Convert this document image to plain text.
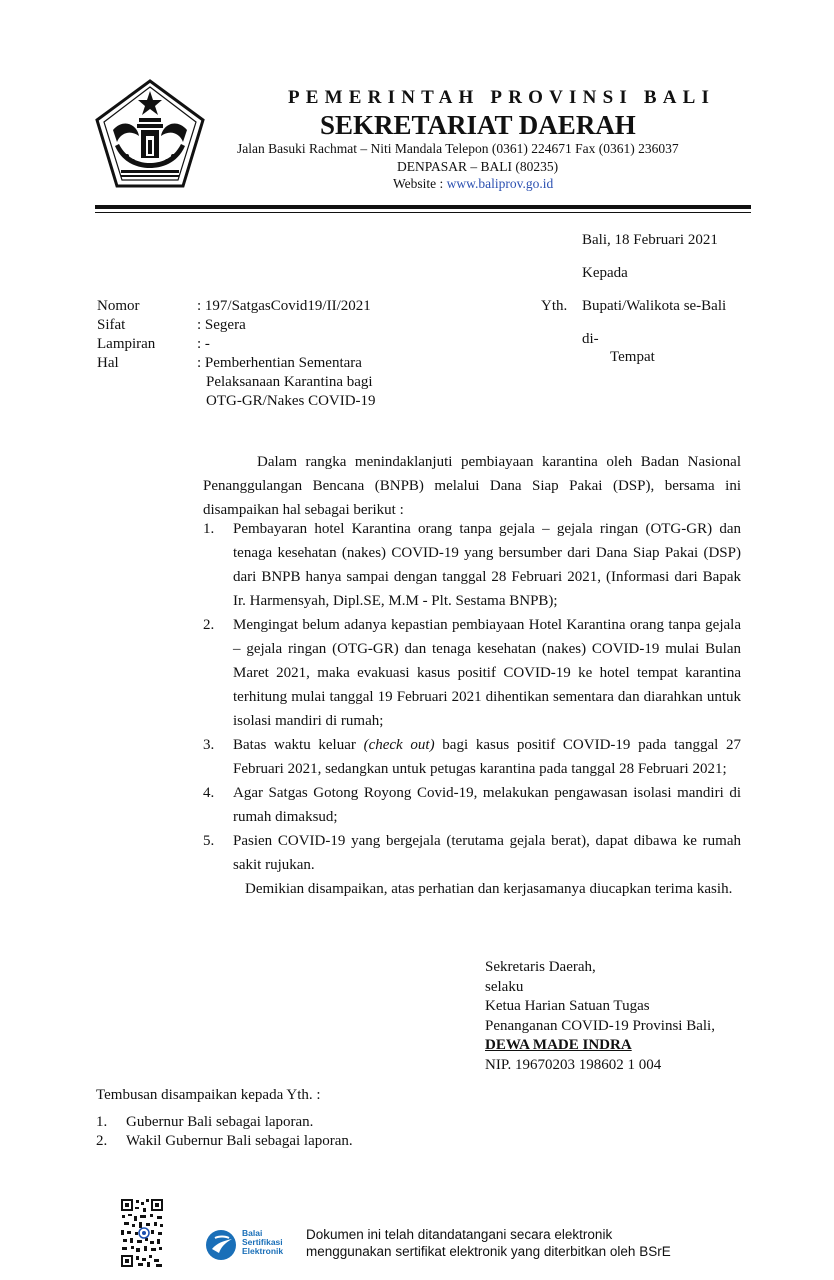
PEMERINTAH PROVINSI BALI
SEKRETARIAT DAERAH
Jalan Basuki Rachmat – Niti Mandala Telepon (0361) 224671 Fax (0361) 236037
DENPASAR – BALI (80235)
Website : www.baliprov.go.id
Bali, 18 Februari 2021
Kepada
Yth. Bupati/Walikota se-Bali
di-
Tempat
Nomor	: 197/SatgasCovid19/II/2021
Sifat	: Segera
Lampiran	: -
Hal	: Pemberhentian Sementara
Pelaksanaan Karantina bagi
OTG-GR/Nakes COVID-19

Dalam rangka menindaklanjuti pembiayaan karantina oleh Badan Nasional Penanggulangan Bencana (BNPB) melalui Dana Siap Pakai (DSP), bersama ini disampaikan hal sebagai berikut :

1.	Pembayaran hotel Karantina orang tanpa gejala – gejala ringan (OTG-GR) dan tenaga kesehatan (nakes) COVID-19 yang bersumber dari Dana Siap Pakai (DSP) dari BNPB hanya sampai dengan tanggal 28 Februari 2021, (Informasi dari Bapak Ir. Harmensyah, Dipl.SE, M.M - Plt. Sestama BNPB);
2.	Mengingat belum adanya kepastian pembiayaan Hotel Karantina orang tanpa gejala – gejala ringan (OTG-GR) dan tenaga kesehatan (nakes) COVID-19 mulai Bulan Maret 2021, maka evakuasi kasus positif COVID-19 ke hotel tempat karantina terhitung mulai tanggal 19 Februari 2021 dihentikan sementara dan diarahkan untuk isolasi mandiri di rumah;
3.	Batas waktu keluar (check out) bagi kasus positif COVID-19 pada tanggal 27 Februari 2021, sedangkan untuk petugas karantina pada tanggal 28 Februari 2021;
4.	Agar Satgas Gotong Royong Covid-19, melakukan pengawasan isolasi mandiri di rumah dimaksud;
5.	Pasien COVID-19 yang bergejala (terutama gejala berat), dapat dibawa ke rumah sakit rujukan.

Demikian disampaikan, atas perhatian dan kerjasamanya diucapkan terima kasih.

Sekretaris Daerah,
selaku
Ketua Harian Satuan Tugas
Penanganan COVID-19 Provinsi Bali,
DEWA MADE INDRA
NIP. 19670203 198602 1 004
Tembusan disampaikan kepada Yth. :
1.	Gubernur Bali sebagai laporan.
2.	Wakil Gubernur Bali sebagai laporan.
Balai
Sertifikasi
Elektronik
Dokumen ini telah ditandatangani secara elektronik
menggunakan sertifikat elektronik yang diterbitkan oleh BSrE
